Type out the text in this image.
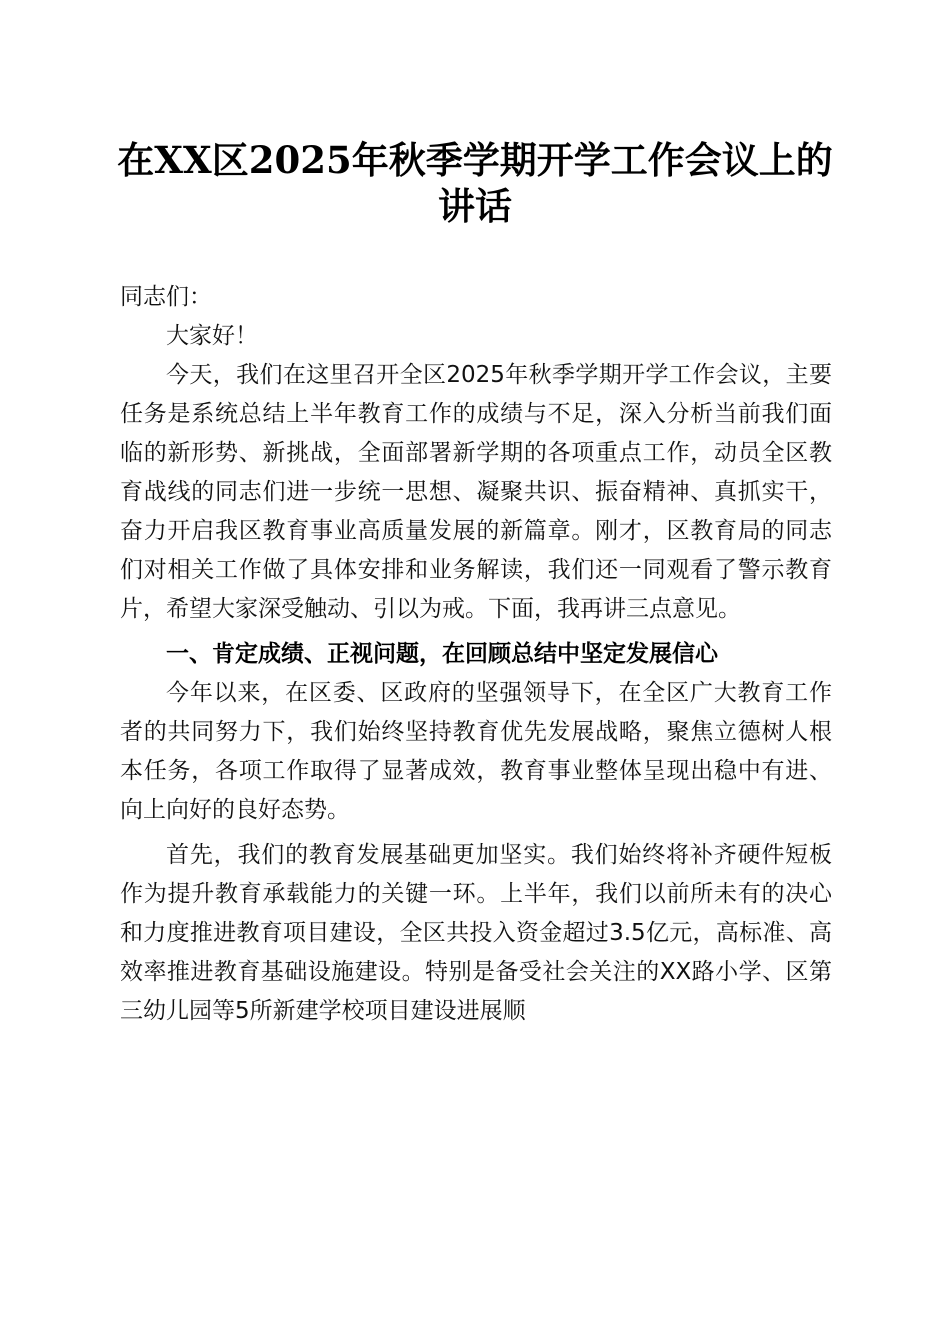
在XX区2025年秋季学期开学工作会议上的
讲话

同志们：

大家好！

今天，我们在这里召开全区2025年秋季学期开学工作会议，主要任务是系统总结上半年教育工作的成绩与不足，深入分析当前我们面临的新形势、新挑战，全面部署新学期的各项重点工作，动员全区教育战线的同志们进一步统一思想、凝聚共识、振奋精神、真抓实干，奋力开启我区教育事业高质量发展的新篇章。刚才，区教育局的同志们对相关工作做了具体安排和业务解读，我们还一同观看了警示教育片，希望大家深受触动、引以为戒。下面，我再讲三点意见。

一、肯定成绩、正视问题，在回顾总结中坚定发展信心

今年以来，在区委、区政府的坚强领导下，在全区广大教育工作者的共同努力下，我们始终坚持教育优先发展战略，聚焦立德树人根本任务，各项工作取得了显著成效，教育事业整体呈现出稳中有进、向上向好的良好态势。

首先，我们的教育发展基础更加坚实。我们始终将补齐硬件短板作为提升教育承载能力的关键一环。上半年，我们以前所未有的决心和力度推进教育项目建设，全区共投入资金超过3.5亿元，高标准、高效率推进教育基础设施建设。特别是备受社会关注的XX路小学、区第三幼儿园等5所新建学校项目建设进展顺
